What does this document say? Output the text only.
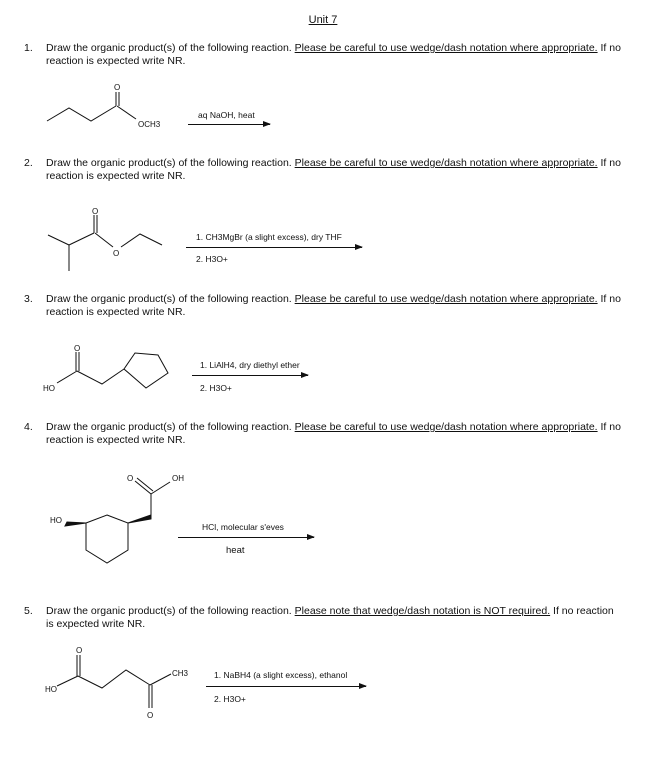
Unit 7
1. Draw the organic product(s) of the following reaction. Please be careful to use wedge/dash notation where appropriate. If no reaction is expected write NR.
O
OCH3
aq NaOH, heat
2. Draw the organic product(s) of the following reaction. Please be careful to use wedge/dash notation where appropriate. If no reaction is expected write NR.
O
O
1. CH3MgBr (a slight excess), dry THF
2. H3O+
3. Draw the organic product(s) of the following reaction. Please be careful to use wedge/dash notation where appropriate. If no reaction is expected write NR.
O
HO
1. LiAlH4, dry diethyl ether
2. H3O+
4. Draw the organic product(s) of the following reaction. Please be careful to use wedge/dash notation where appropriate. If no reaction is expected write NR.
O	OH
HO
HCl, molecular s'eves
heat
5. Draw the organic product(s) of the following reaction. Please note that wedge/dash notation is NOT required. If no reaction is expected write NR.
O
HO
O
CH3	1. NaBH4 (a slight excess), ethanol
2. H3O+
